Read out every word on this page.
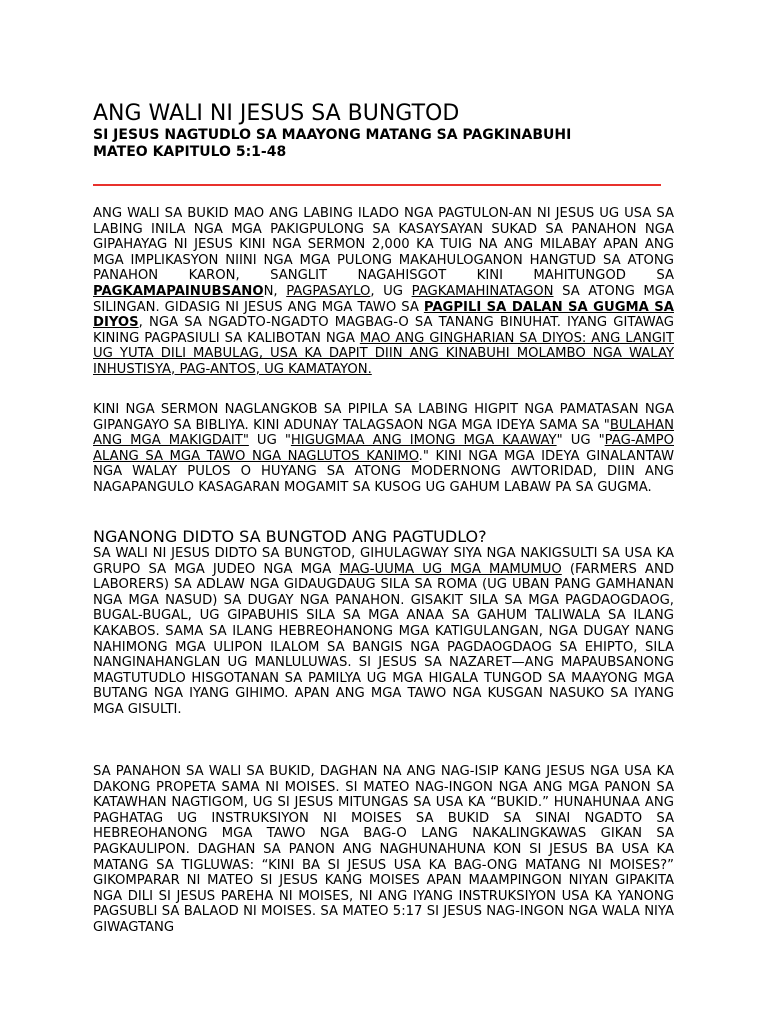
ANG WALI NI JESUS SA BUNGTOD
SI JESUS NAGTUDLO SA MAAYONG MATANG SA PAGKINABUHI
MATEO KAPITULO 5:1-48

ANG WALI SA BUKID MAO ANG LABING ILADO NGA PAGTULON-AN NI JESUS UG USA SA LABING INILA NGA MGA PAKIGPULONG SA KASAYSAYAN SUKAD SA PANAHON NGA GIPAHAYAG NI JESUS KINI NGA SERMON 2,000 KA TUIG NA ANG MILABAY APAN ANG MGA IMPLIKASYON NIINI NGA MGA PULONG MAKAHULOGANON HANGTUD SA ATONG PANAHON KARON, SANGLIT NAGAHISGOT KINI MAHITUNGOD SA PAGKAMAPAINUBSANON, PAGPASAYLO, UG PAGKAMAHINATAGON SA ATONG MGA SILINGAN. GIDASIG NI JESUS ANG MGA TAWO SA PAGPILI SA DALAN SA GUGMA SA DIYOS, NGA SA NGADTO-NGADTO MAGBAG-O SA TANANG BINUHAT. IYANG GITAWAG KINING PAGPASIULI SA KALIBOTAN NGA MAO ANG GINGHARIAN SA DIYOS: ANG LANGIT UG YUTA DILI MABULAG, USA KA DAPIT DIIN ANG KINABUHI MOLAMBO NGA WALAY INHUSTISYA, PAG-ANTOS, UG KAMATAYON.

KINI NGA SERMON NAGLANGKOB SA PIPILA SA LABING HIGPIT NGA PAMATASAN NGA GIPANGAYO SA BIBLIYA. KINI ADUNAY TALAGSAON NGA MGA IDEYA SAMA SA "BULAHAN ANG MGA MAKIGDAIT" UG "HIGUGMAA ANG IMONG MGA KAAWAY" UG "PAG-AMPO ALANG SA MGA TAWO NGA NAGLUTOS KANIMO." KINI NGA MGA IDEYA GINALANTAW NGA WALAY PULOS O HUYANG SA ATONG MODERNONG AWTORIDAD, DIIN ANG NAGAPANGULO KASAGARAN MOGAMIT SA KUSOG UG GAHUM LABAW PA SA GUGMA.

NGANONG DIDTO SA BUNGTOD ANG PAGTUDLO?

SA WALI NI JESUS DIDTO SA BUNGTOD, GIHULAGWAY SIYA NGA NAKIGSULTI SA USA KA GRUPO SA MGA JUDEO NGA MGA MAG-UUMA UG MGA MAMUMUO (FARMERS AND LABORERS) SA ADLAW NGA GIDAUGDAUG SILA SA ROMA (UG UBAN PANG GAMHANAN NGA MGA NASUD) SA DUGAY NGA PANAHON. GISAKIT SILA SA MGA PAGDAOGDAOG, BUGAL-BUGAL, UG GIPABUHIS SILA SA MGA ANAA SA GAHUM TALIWALA SA ILANG KAKABOS. SAMA SA ILANG HEBREOHANONG MGA KATIGULANGAN, NGA DUGAY NANG NAHIMONG MGA ULIPON ILALOM SA BANGIS NGA PAGDAOGDAOG SA EHIPTO, SILA NANGINAHANGLAN UG MANLULUWAS. SI JESUS SA NAZARET—ANG MAPAUBSANONG MAGTUTUDLO HISGOTANAN SA PAMILYA UG MGA HIGALA TUNGOD SA MAAYONG MGA BUTANG NGA IYANG GIHIMO. APAN ANG MGA TAWO NGA KUSGAN NASUKO SA IYANG MGA GISULTI.

SA PANAHON SA WALI SA BUKID, DAGHAN NA ANG NAG-ISIP KANG JESUS NGA USA KA DAKONG PROPETA SAMA NI MOISES. SI MATEO NAG-INGON NGA ANG MGA PANON SA KATAWHAN NAGTIGOM, UG SI JESUS MITUNGAS SA USA KA “BUKID.” HUNAHUNAA ANG PAGHATAG UG INSTRUKSIYON NI MOISES SA BUKID SA SINAI NGADTO SA HEBREOHANONG MGA TAWO NGA BAG-O LANG NAKALINGKAWAS GIKAN SA PAGKAULIPON. DAGHAN SA PANON ANG NAGHUNAHUNA KON SI JESUS BA USA KA MATANG SA TIGLUWAS: “KINI BA SI JESUS USA KA BAG-ONG MATANG NI MOISES?” GIKOMPARAR NI MATEO SI JESUS KANG MOISES APAN MAAMPINGON NIYAN GIPAKITA NGA DILI SI JESUS PAREHA NI MOISES, NI ANG IYANG INSTRUKSIYON USA KA YANONG PAGSUBLI SA BALAOD NI MOISES. SA MATEO 5:17 SI JESUS NAG-INGON NGA WALA NIYA GIWAGTANG
